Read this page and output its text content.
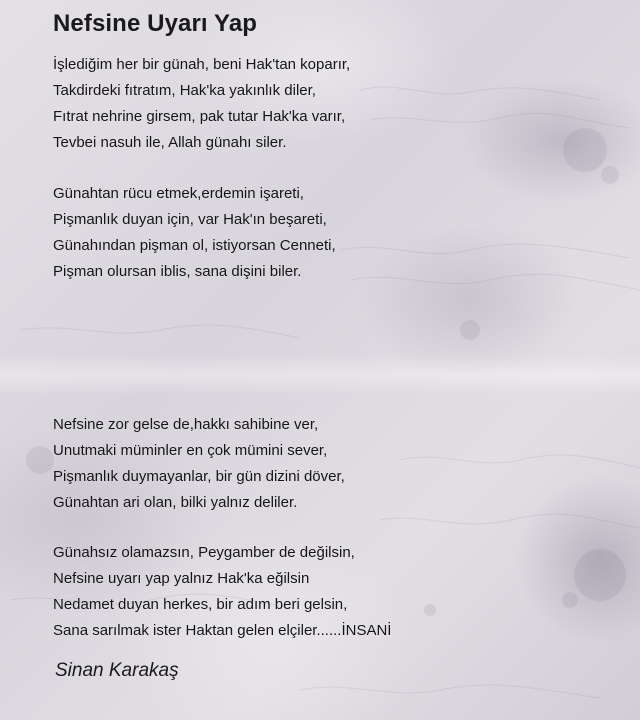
Nefsine Uyarı Yap
İşlediğim her bir günah, beni Hak'tan koparır,
Takdirdeki fıtratım, Hak'ka yakınlık diler,
Fıtrat nehrine girsem, pak tutar Hak'ka varır,
Tevbei nasuh ile, Allah günahı siler.
Günahtan rücu etmek,erdemin işareti,
Pişmanlık duyan için, var Hak'ın beşareti,
Günahından pişman ol, istiyorsan Cenneti,
Pişman olursan iblis, sana dişini biler.
Nefsine zor gelse de,hakkı sahibine ver,
Unutmaki müminler en çok mümini sever,
Pişmanlık duymayanlar, bir gün dizini döver,
Günahtan ari olan, bilki yalnız deliler.
Günahsız olamazsın, Peygamber de değilsin,
Nefsine uyarı yap yalnız Hak'ka eğilsin
Nedamet duyan herkes, bir adım beri gelsin,
Sana sarılmak ister Haktan gelen elçiler......İNSANİ

Sinan Karakaş
